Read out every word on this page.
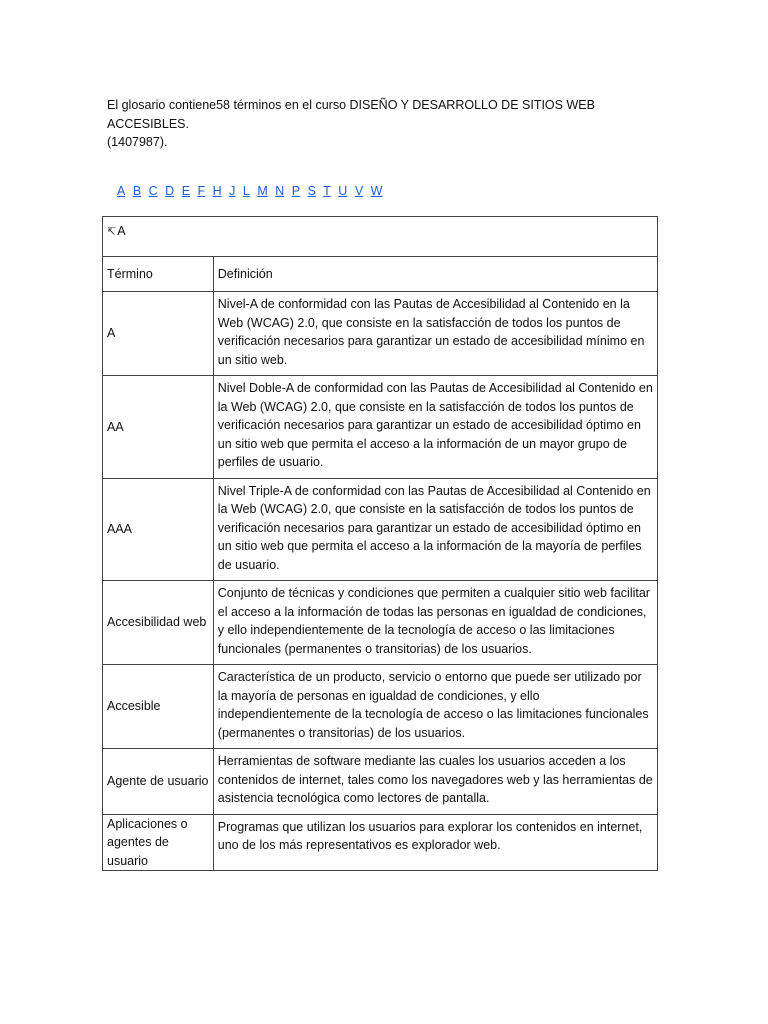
El glosario contiene58 términos en el curso DISEÑO Y DESARROLLO DE SITIOS WEB ACCESIBLES.

(1407987).

A B C D E F H J L M N P S T U V W
↸A	
Término	Definición
A	Nivel-A de conformidad con las Pautas de Accesibilidad al Contenido en la Web (WCAG) 2.0, que consiste en la satisfacción de todos los puntos de verificación necesarios para garantizar un estado de accesibilidad mínimo en un sitio web.
AA	Nivel Doble-A de conformidad con las Pautas de Accesibilidad al Contenido en la Web (WCAG) 2.0, que consiste en la satisfacción de todos los puntos de verificación necesarios para garantizar un estado de accesibilidad óptimo en un sitio web que permita el acceso a la información de un mayor grupo de perfiles de usuario.
AAA	Nivel Triple-A de conformidad con las Pautas de Accesibilidad al Contenido en la Web (WCAG) 2.0, que consiste en la satisfacción de todos los puntos de verificación necesarios para garantizar un estado de accesibilidad óptimo en un sitio web que permita el acceso a la información de la mayoría de perfiles de usuario.
Accesibilidad web	Conjunto de técnicas y condiciones que permiten a cualquier sitio web facilitar el acceso a la información de todas las personas en igualdad de condiciones, y ello independientemente de la tecnología de acceso o las limitaciones funcionales (permanentes o transitorias) de los usuarios.
Accesible	Característica de un producto, servicio o entorno que puede ser utilizado por la mayoría de personas en igualdad de condiciones, y ello independientemente de la tecnología de acceso o las limitaciones funcionales (permanentes o transitorias) de los usuarios.
Agente de usuario	Herramientas de software mediante las cuales los usuarios acceden a los contenidos de internet, tales como los navegadores web y las herramientas de asistencia tecnológica como lectores de pantalla.
Aplicaciones o agentes de usuario	Programas que utilizan los usuarios para explorar los contenidos en internet, uno de los más representativos es explorador web.
